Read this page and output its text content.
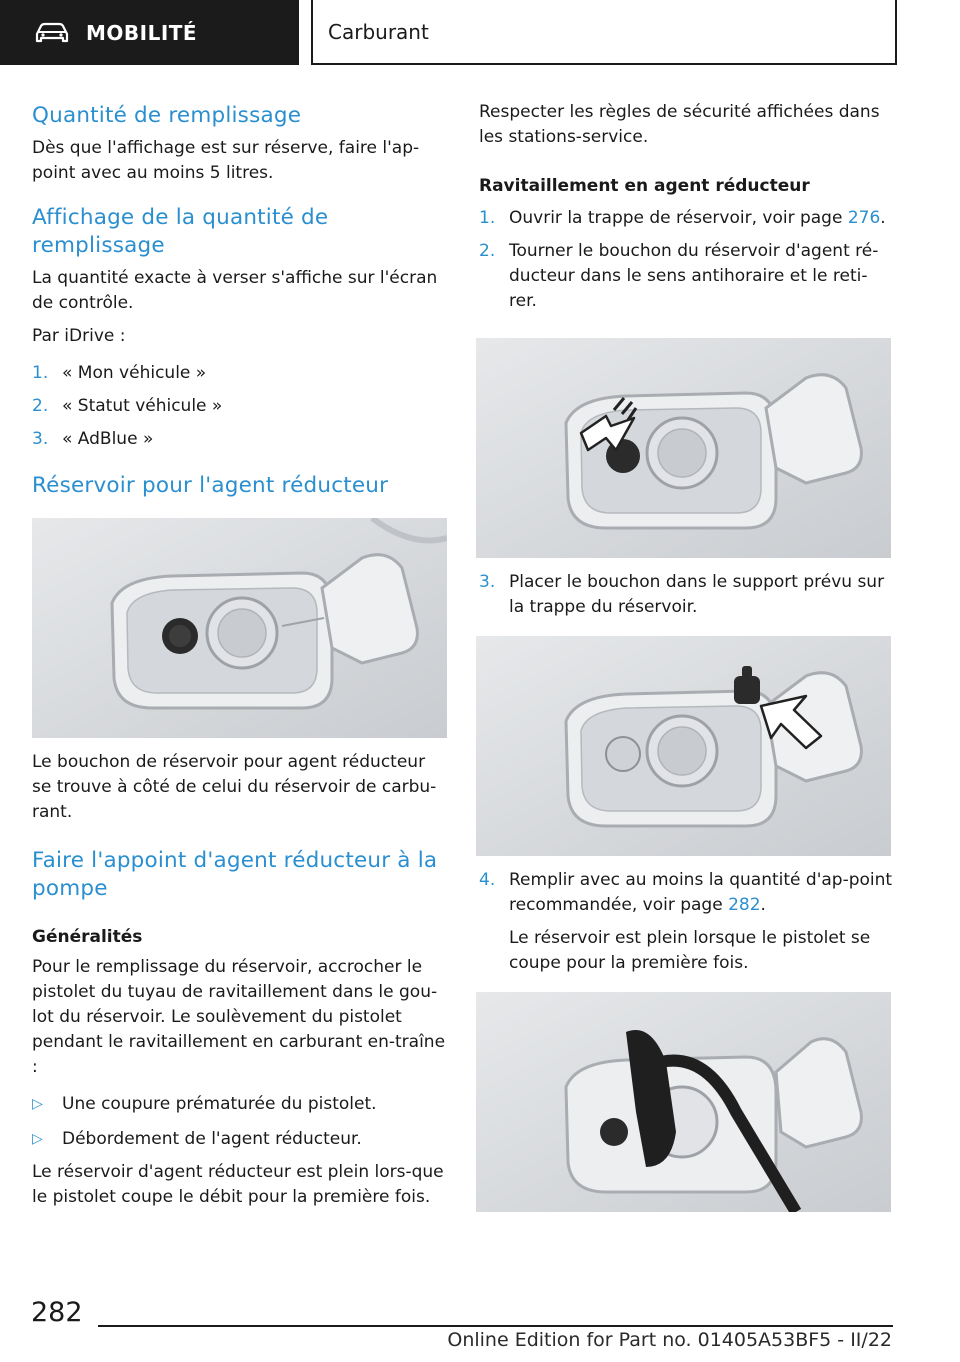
MOBILITÉ	Carburant
Quantité de remplissage

Dès que l'affichage est sur réserve, faire l'ap-point avec au moins 5 litres.

Affichage de la quantité de remplissage

La quantité exacte à verser s'affiche sur l'écran de contrôle.

Par iDrive :

1. « Mon véhicule »
2. « Statut véhicule »
3. « AdBlue »
Réservoir pour l'agent réducteur

Le bouchon de réservoir pour agent réducteur se trouve à côté de celui du réservoir de carbu-rant.

Faire l'appoint d'agent réducteur à la pompe
Généralités

Pour le remplissage du réservoir, accrocher le pistolet du tuyau de ravitaillement dans le gou-lot du réservoir. Le soulèvement du pistolet pendant le ravitaillement en carburant en-traîne :

▷ Une coupure prématurée du pistolet.
▷ Débordement de l'agent réducteur.

Le réservoir d'agent réducteur est plein lors-que le pistolet coupe le débit pour la première fois.

Respecter les règles de sécurité affichées dans les stations-service.

Ravitaillement en agent réducteur
1. Ouvrir la trappe de réservoir, voir page 276.
2. Tourner le bouchon du réservoir d'agent ré-ducteur dans le sens antihoraire et le reti-rer.
3. Placer le bouchon dans le support prévu sur la trappe du réservoir.
4. Remplir avec au moins la quantité d'ap-point recommandée, voir page 282.

Le réservoir est plein lorsque le pistolet se coupe pour la première fois.

282
Online Edition for Part no. 01405A53BF5 - II/22
